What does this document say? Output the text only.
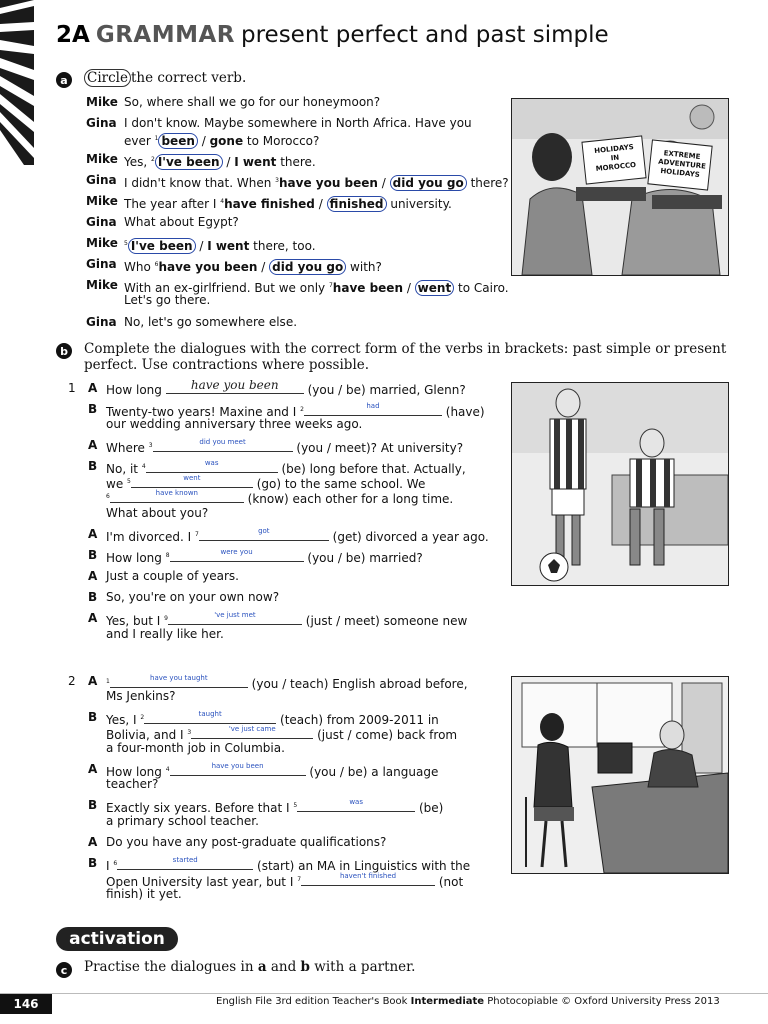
2A GRAMMAR present perfect and past simple
a	Circle the correct verb.
Mike So, where shall we go for our honeymoon?
Gina I don't know. Maybe somewhere in North Africa. Have you
ever $^1$ been / gone to Morocco?
Mike Yes, $^2$ I've been / I went there.
Gina I didn't know that. When $^3$have you been / did you go there?
Mike The year after I $^4$have finished / finished university.
Gina What about Egypt?
Mike $^5$ I've been / I went there, too.
Gina Who $^6$have you been / did you go with?
Mike With an ex-girlfriend. But we only $^7$have been / went to Cairo.
Let's go there.
Gina No, let's go somewhere else.
HOLIDAYS IN MOROCCO
EXTREME ADVENTURE HOLIDAYS
b	Complete the dialogues with the correct form of the verbs in brackets: past simple or present
perfect. Use contractions where possible.
1 A How long	have you been	(you / be) married, Glenn?
B Twenty-two years! Maxine and I $^2$	had	(have)
our wedding anniversary three weeks ago.
A Where $^3$	did you meet	(you / meet)? At university?
B No, it $^4$	was	(be) long before that. Actually,
we $^5$	went	(go) to the same school. We
$^6$	have known	(know) each other for a long time.
What about you?
A I'm divorced. I $^7$	got	(get) divorced a year ago.
B How long $^8$	were you	(you / be) married?
A Just a couple of years.
B So, you're on your own now?
A Yes, but I $^9$	've just met	(just / meet) someone new
and I really like her.
2 A $^1$	have you taught	(you / teach) English abroad before,
Ms Jenkins?
B Yes, I $^2$	taught	(teach) from 2009-2011 in
Bolivia, and I $^3$	've just came	(just / come) back from
a four-month job in Columbia.
A How long $^4$	have you been	(you / be) a language
teacher?
B Exactly six years. Before that I $^5$	was	(be)
a primary school teacher.
A Do you have any post-graduate qualifications?
B I $^6$	started	(start) an MA in Linguistics with the
Open University last year, but I $^7$	haven't finished	(not
finish) it yet.
activation
c	Practise the dialogues in a and b with a partner.
146	English File 3rd edition Teacher's Book Intermediate Photocopiable © Oxford University Press 2013
